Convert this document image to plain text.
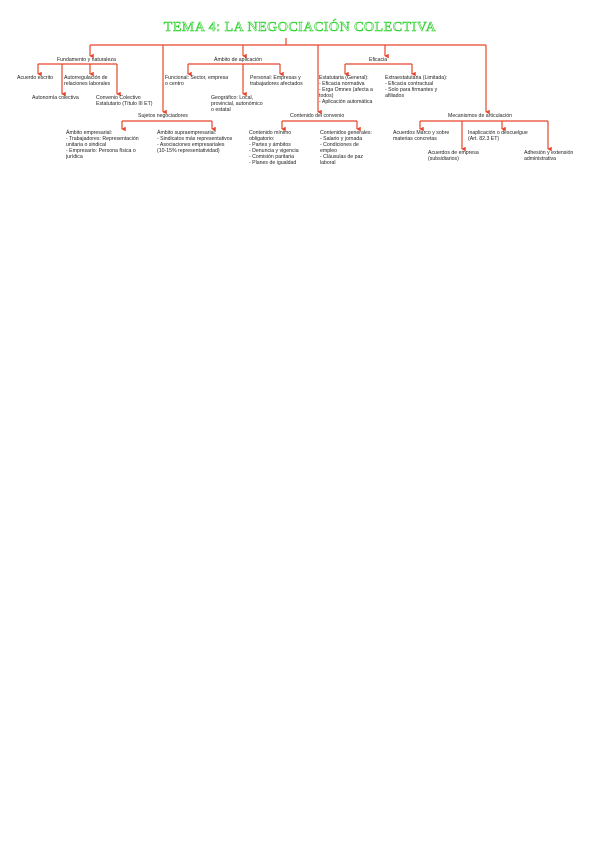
TEMA 4: LA NEGOCIACIÓN COLECTIVA

Fundamento y naturaleza	Ámbito de aplicación	Eficacia

Acuerdo escrito Autorregulación de
relaciones laborales

Autonomía colectiva	Convenio Colectivo
Estatutario (Título III ET)

Funcional: Sector, empresa
o centro

Personal: Empresas y
trabajadores afectados

Geográfico: Local,
provincial, autonómico
o estatal

Estatutaria (General):
- Eficacia normativa
- Erga Omnes (afecta a
todos)
- Aplicación automática

Extraestatutaria (Limitada):
- Eficacia contractual
- Solo para firmantes y
afiliados

Sujetos negociadores	Contenido del convenio	Mecanismos de articulación

Ámbito empresarial:
- Trabajadores: Representación
unitaria o sindical
- Empresario: Persona física o
jurídica

Ámbito supraempresarial:
- Sindicatos más representativos
- Asociaciones empresariales
(10-15% representatividad)

Contenido mínimo
obligatorio:
- Partes y ámbitos
- Denuncia y vigencia
- Comisión paritaria
- Planes de igualdad

Contenidos generales:
- Salario y jornada
- Condiciones de
empleo
- Cláusulas de paz
laboral

Acuerdos Marco y sobre
materias concretas

Inaplicación o descuelgue
(Art. 82.3 ET)

Acuerdos de empresa
(subsidiarios)

Adhesión y extensión
administrativa
